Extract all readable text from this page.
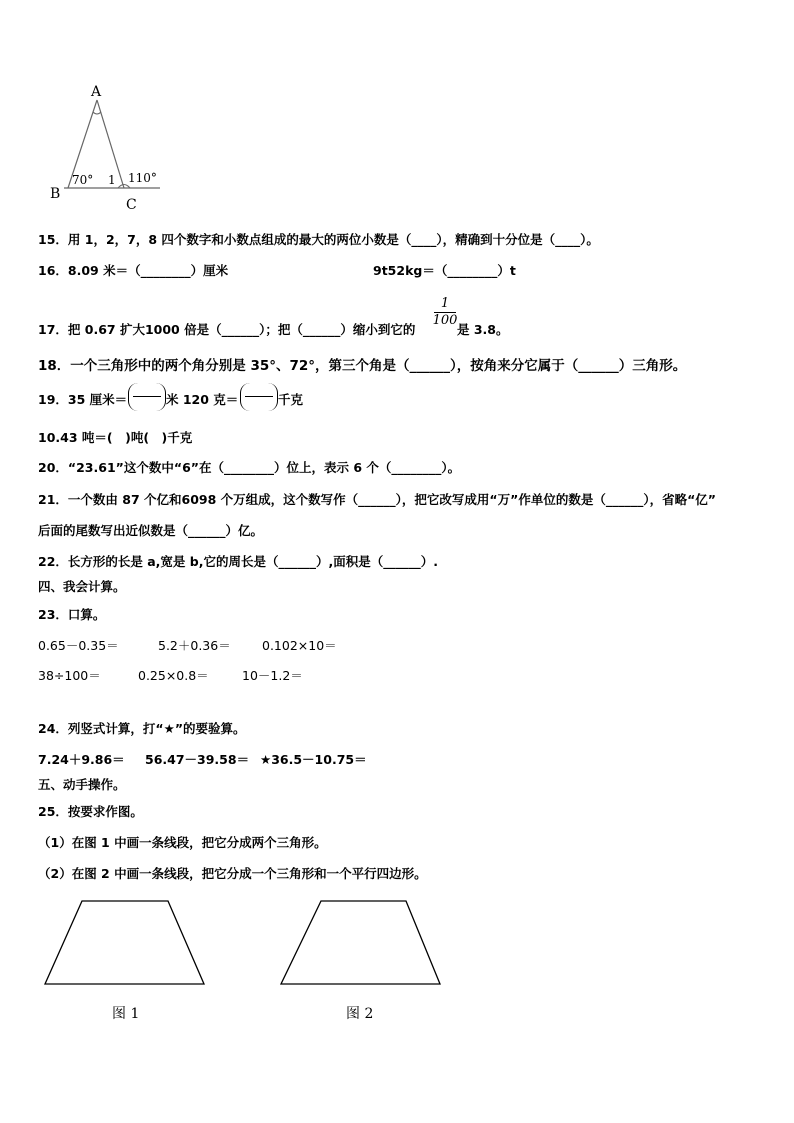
A
B
C
70° 1 110°
15．用 1，2，7，8 四个数字和小数点组成的最大的两位小数是（____），精确到十分位是（____）。
16．8.09 米＝（________）厘米	9t52kg＝（________）t
1
100
17．把 0.67 扩大1000 倍是（______）；把（______）缩小到它的	是 3.8。
18．一个三角形中的两个角分别是 35°、72°，第三个角是（______），按角来分它属于（______）三角形。
19．35 厘米＝	米 120 克＝	千克
10.43 吨＝(　)吨(　)千克
20．“23.61”这个数中“6”在（________）位上，表示 6 个（________）。
21．一个数由 87 个亿和6098 个万组成，这个数写作（______），把它改写成用“万”作单位的数是（______），省略“亿”
后面的尾数写出近似数是（______）亿。
22．长方形的长是 a,宽是 b,它的周长是（______）,面积是（______）.
四、我会计算。
23．口算。
0.65－0.35＝	5.2＋0.36＝	0.102×10＝
38÷100＝	0.25×0.8＝	10－1.2＝
24．列竖式计算，打“★”的要验算。
7.24＋9.86＝ 56.47－39.58＝ ★36.5－10.75＝
五、动手操作。
25．按要求作图。
（1）在图 1 中画一条线段，把它分成两个三角形。
（2）在图 2 中画一条线段，把它分成一个三角形和一个平行四边形。
图 1	图 2
